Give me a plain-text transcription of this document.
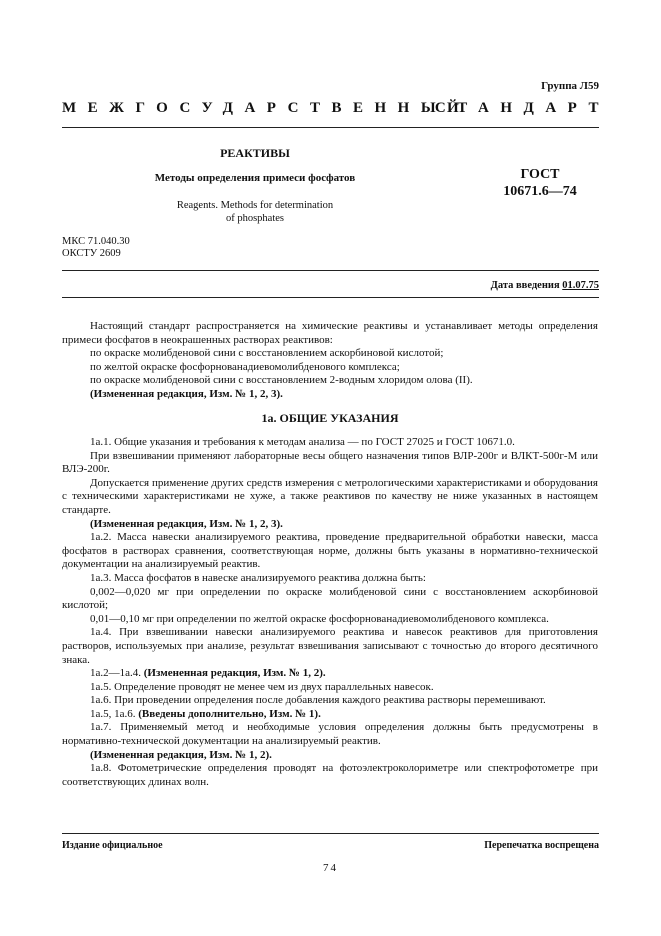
Группа Л59
МЕЖГОСУДАРСТВЕННЫЙ
СТАНДАРТ
РЕАКТИВЫ
Методы определения примеси фосфатов	ГОСТ
10671.6—74
Reagents. Methods for determination
of phosphates
МКС 71.040.30
ОКСТУ 2609
Дата введения 01.07.75

Настоящий стандарт распространяется на химические реактивы и устанавливает методы определения примеси фосфатов в неокрашенных растворах реактивов:

по окраске молибденовой сини с восстановлением аскорбиновой кислотой;

по желтой окраске фосфорнованадиевомолибденового комплекса;

по окраске молибденовой сини с восстановлением 2-водным хлоридом олова (II).

(Измененная редакция, Изм. № 1, 2, 3).

1а. ОБЩИЕ УКАЗАНИЯ

1а.1. Общие указания и требования к методам анализа — по ГОСТ 27025 и ГОСТ 10671.0.

При взвешивании применяют лабораторные весы общего назначения типов ВЛР-200г и ВЛКТ-500г-М или ВЛЭ-200г.

Допускается применение других средств измерения с метрологическими характеристиками и оборудования с техническими характеристиками не хуже, а также реактивов по качеству не ниже указанных в настоящем стандарте.

(Измененная редакция, Изм. № 1, 2, 3).

1а.2. Масса навески анализируемого реактива, проведение предварительной обработки навески, масса фосфатов в растворах сравнения, соответствующая норме, должны быть указаны в нормативно-технической документации на анализируемый реактив.

1а.3. Масса фосфатов в навеске анализируемого реактива должна быть:

0,002—0,020 мг при определении по окраске молибденовой сини с восстановлением аскорбиновой кислотой;

0,01—0,10 мг при определении по желтой окраске фосфорнованадиевомолибденового комплекса.

1а.4. При взвешивании навески анализируемого реактива и навесок реактивов для приготовления растворов, используемых при анализе, результат взвешивания записывают с точностью до второго десятичного знака.

1а.2—1а.4. (Измененная редакция, Изм. № 1, 2).

1а.5. Определение проводят не менее чем из двух параллельных навесок.

1а.6. При проведении определения после добавления каждого реактива растворы перемешивают.

1а.5, 1а.6. (Введены дополнительно, Изм. № 1).

1а.7. Применяемый метод и необходимые условия определения должны быть предусмотрены в нормативно-технической документации на анализируемый реактив.

(Измененная редакция, Изм. № 1, 2).

1а.8. Фотометрические определения проводят на фотоэлектроколориметре или спектрофотометре при соответствующих длинах волн.

Издание официальное	Перепечатка воспрещена
74
